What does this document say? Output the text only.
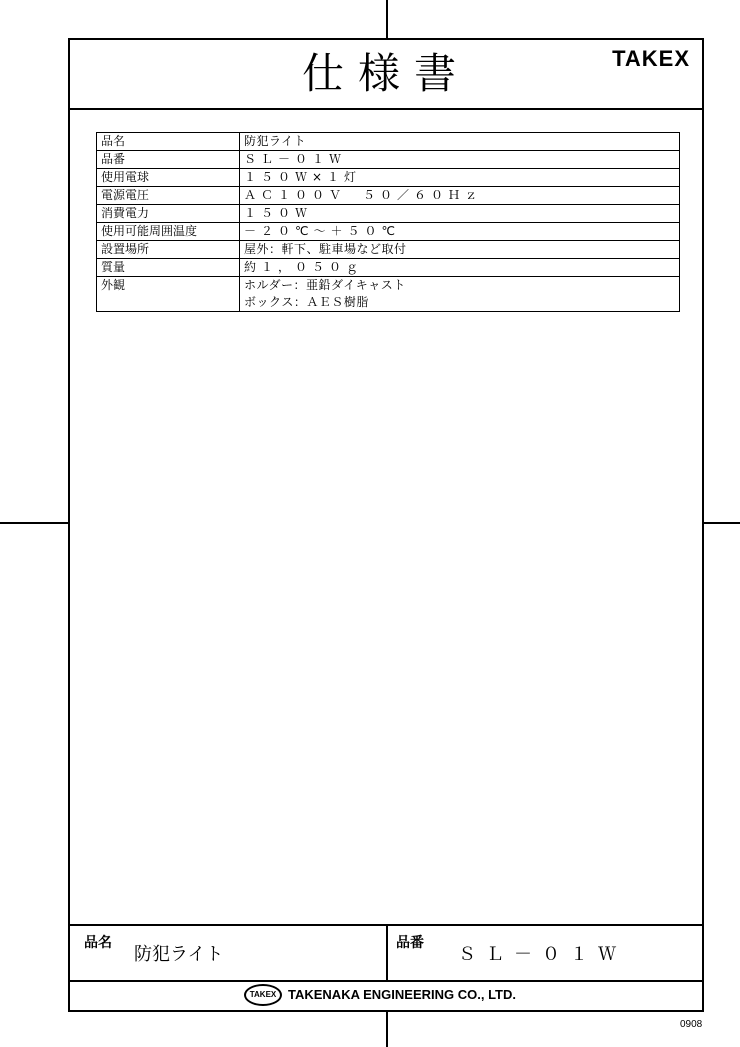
仕様書	TAKEX
品名	防犯ライト
品番	ＳＬ－０１Ｗ
使用電球	１５０Ｗ×１灯
電源電圧	ＡＣ１００Ｖ　５０／６０Ｈｚ
消費電力	１５０Ｗ
使用可能周囲温度	－２０℃～＋５０℃
設置場所	屋外：軒下、駐車場など取付
質量	約１，０５０ｇ
外観	ホルダー：亜鉛ダイキャスト
ボックス：ＡＥＳ樹脂
品名
防犯ライト
品番
ＳＬ－０１Ｗ
TAKEX TAKENAKA ENGINEERING CO., LTD.
0908
